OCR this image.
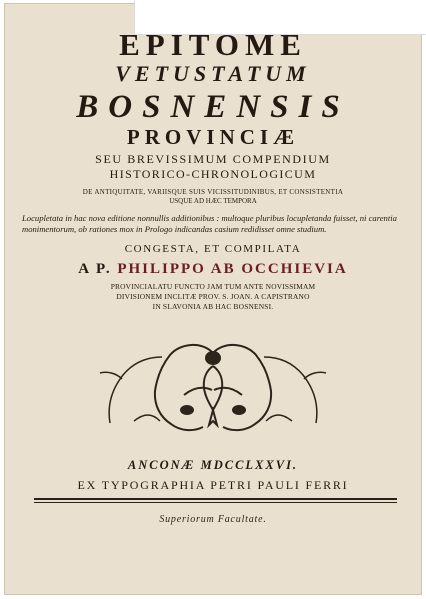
EPITOME
VETUSTATUM
BOSNENSIS
PROVINCIÆ
SEU BREVISSIMUM COMPENDIUM
HISTORICO-CHRONOLOGICUM
DE ANTIQUITATE, VARIISQUE SUIS VICISSITUDINIBUS, ET CONSISTENTIA
USQUE AD HÆC TEMPORA
Locupletata in hac nova editione nonnullis additionibus : multoque pluribus locupletanda fuisset, ni carentia monimentorum, ob rationes mox in Prologo indicandas casium redidisset omne studium.
CONGESTA, ET COMPILATA
A P. PHILIPPO AB OCCHIEVIA
PROVINCIALATU FUNCTO JAM TUM ANTE NOVISSIMAM
DIVISIONEM INCLITÆ PROV. S. JOAN. A CAPISTRANO
IN SLAVONIA AB HAC BOSNENSI.
ANCONÆ MDCCLXXVI.
EX TYPOGRAPHIA PETRI PAULI FERRI
Superiorum Facultate.
